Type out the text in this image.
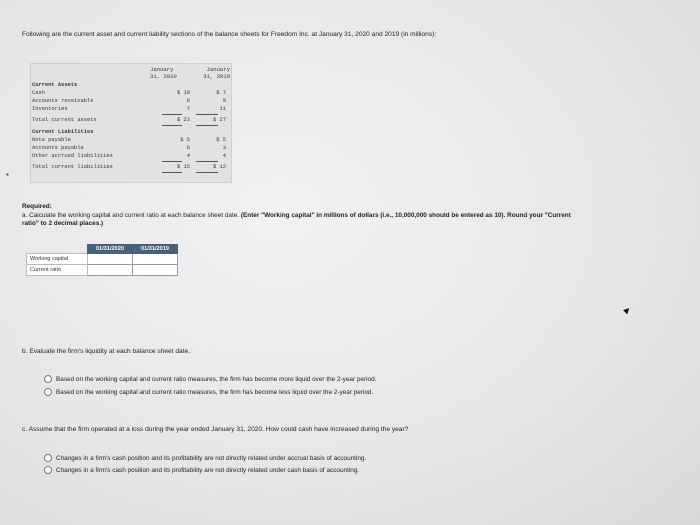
Following are the current asset and current liability sections of the balance sheets for Freedom Inc. at January 31, 2020 and 2019 (in millions):
January	January
31, 2020	31, 2019
Current Assets
Cash	$ 10	$ 7
Accounts receivable	6	9
Inventories	7	11
Total current assets	$ 23	$ 27
Current Liabilities
Note payable	$ 5	$ 5
Accounts payable	6	3
Other accrued liabilities	4	4
Total current liabilities	$ 15	$ 12
▪
Required:
a. Calculate the working capital and current ratio at each balance sheet date. (Enter "Working capital" in millions of dollars (i.e., 10,000,000 should be entered as 10). Round your "Current ratio" to 2 decimal places.)
	01/31/2020	01/31/2019
Working capital		
Current ratio		
b. Evaluate the firm's liquidity at each balance sheet date.
Based on the working capital and current ratio measures, the firm has become more liquid over the 2-year period.
Based on the working capital and current ratio measures, the firm has become less liquid over the 2-year period.
c. Assume that the firm operated at a loss during the year ended January 31, 2020. How could cash have increased during the year?
Changes in a firm's cash position and its profitability are not directly related under accrual basis of accounting.
Changes in a firm's cash position and its profitability are not directly related under cash basis of accounting.
▲
